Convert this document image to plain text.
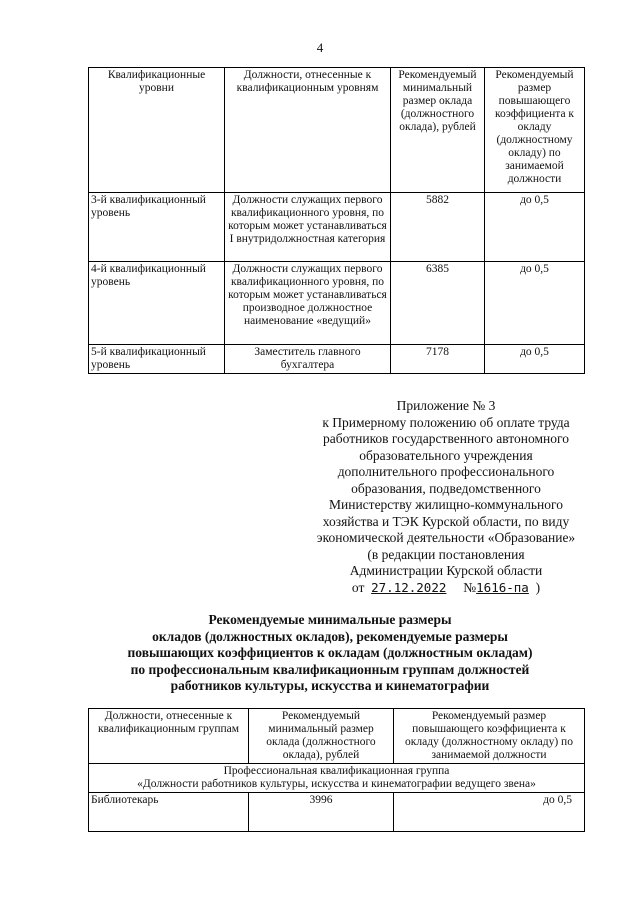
4
Квалификационные уровни	Должности, отнесенные к квалификационным уровням	Рекомендуемый минимальный размер оклада (должностного оклада), рублей	Рекомендуемый размер повышающего коэффициента к окладу (должностному окладу) по занимаемой должности
3-й квалификационный уровень	Должности служащих первого квалификационного уровня, по которым может устанавливаться I внутридолжностная категория	5882	до 0,5
4-й квалификационный уровень	Должности служащих первого квалификационного уровня, по которым может устанавливаться производное должностное наименование «ведущий»	6385	до 0,5
5-й квалификационный уровень	Заместитель главного бухгалтера	7178	до 0,5
Приложение № 3
к Примерному положению об оплате труда
работников государственного автономного
образовательного учреждения
дополнительного профессионального
образования, подведомственного
Министерству жилищно-коммунального
хозяйства и ТЭК Курской области, по виду
экономической деятельности «Образование»
(в редакции постановления
Администрации Курской области
от 27.12.2022 №1616-па )
Рекомендуемые минимальные размеры
окладов (должностных окладов), рекомендуемые размеры
повышающих коэффициентов к окладам (должностным окладам)
по профессиональным квалификационным группам должностей
работников культуры, искусства и кинематографии
Должности, отнесенные к квалификационным группам	Рекомендуемый минимальный размер оклада (должностного оклада), рублей	Рекомендуемый размер повышающего коэффициента к окладу (должностному окладу) по занимаемой должности

Профессиональная квалификационная группа
«Должности работников культуры, искусства и кинематографии ведущего звена»		

Библиотекарь	3996	до 0,5
